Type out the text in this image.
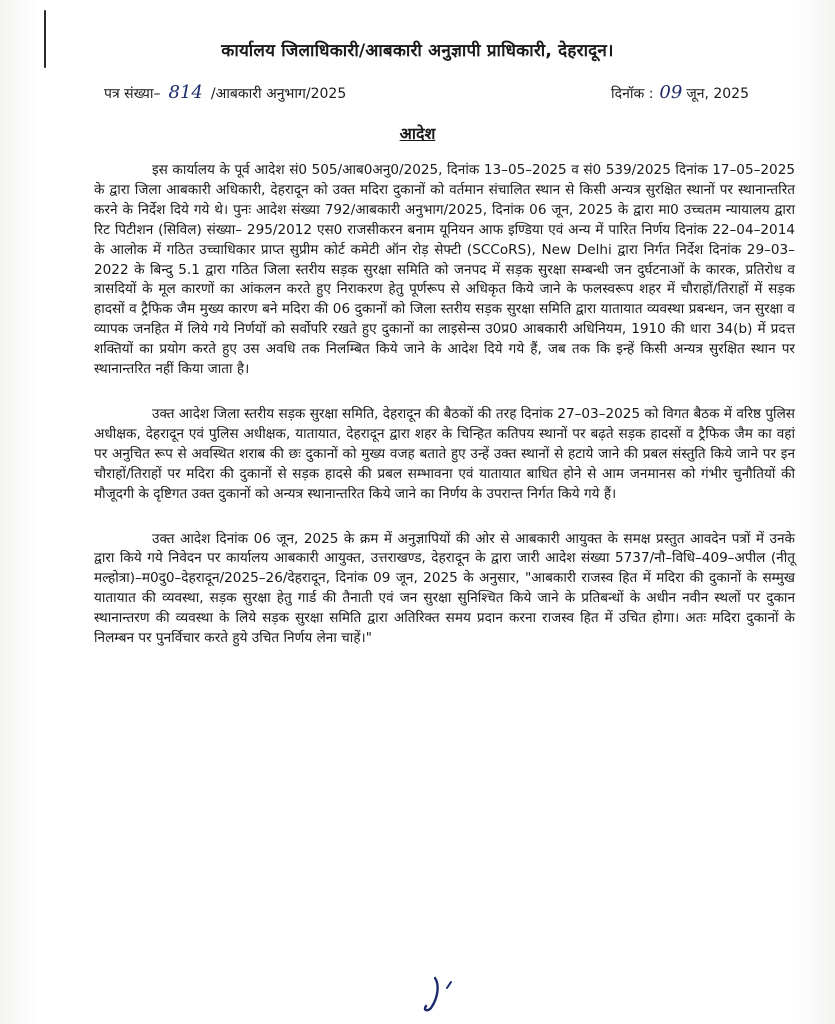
कार्यालय जिलाधिकारी/आबकारी अनुज्ञापी प्राधिकारी, देहरादून।
पत्र संख्या– 814 /आबकारी अनुभाग/2025	दिनॉक : 09 जून, 2025
आदेश

इस कार्यालय के पूर्व आदेश सं0 505/आब0अनु0/2025, दिनांक 13–05–2025 व सं0 539/2025 दिनांक 17–05–2025 के द्वारा जिला आबकारी अधिकारी, देहरादून को उक्त मदिरा दुकानों को वर्तमान संचालित स्थान से किसी अन्यत्र सुरक्षित स्थानों पर स्थानान्तरित करने के निर्देश दिये गये थे। पुनः आदेश संख्या 792/आबकारी अनुभाग/2025, दिनांक 06 जून, 2025 के द्वारा मा0 उच्चतम न्यायालय द्वारा रिट पिटीशन (सिविल) संख्या– 295/2012 एस0 राजसीकरन बनाम यूनियन आफ इण्डिया एवं अन्य में पारित निर्णय दिनांक 22–04–2014 के आलोक में गठित उच्चाधिकार प्राप्त सुप्रीम कोर्ट कमेटी ऑन रोड़ सेफ्टी (SCCoRS), New Delhi द्वारा निर्गत निर्देश दिनांक 29–03–2022 के बिन्दु 5.1 द्वारा गठित जिला स्तरीय सड़क सुरक्षा समिति को जनपद में सड़क सुरक्षा सम्बन्धी जन दुर्घटनाओं के कारक, प्रतिरोध व त्रासदियों के मूल कारणों का आंकलन करते हुए निराकरण हेतु पूर्णरूप से अधिकृत किये जाने के फलस्वरूप शहर में चौराहों/तिराहों में सड़क हादसों व ट्रैफिक जैम मुख्य कारण बने मदिरा की 06 दुकानों को जिला स्तरीय सड़क सुरक्षा समिति द्वारा यातायात व्यवस्था प्रबन्धन, जन सुरक्षा व व्यापक जनहित में लिये गये निर्णयों को सर्वोपरि रखते हुए दुकानों का लाइसेन्स उ0प्र0 आबकारी अधिनियम, 1910 की धारा 34(b) में प्रदत्त शक्तियों का प्रयोग करते हुए उस अवधि तक निलम्बित किये जाने के आदेश दिये गये हैं, जब तक कि इन्हें किसी अन्यत्र सुरक्षित स्थान पर स्थानान्तरित नहीं किया जाता है।

उक्त आदेश जिला स्तरीय सड़क सुरक्षा समिति, देहरादून की बैठकों की तरह दिनांक 27–03–2025 को विगत बैठक में वरिष्ठ पुलिस अधीक्षक, देहरादून एवं पुलिस अधीक्षक, यातायात, देहरादून द्वारा शहर के चिन्हित कतिपय स्थानों पर बढ़ते सड़क हादसों व ट्रैफिक जैम का वहां पर अनुचित रूप से अवस्थित शराब की छः दुकानों को मुख्य वजह बताते हुए उन्हें उक्त स्थानों से हटाये जाने की प्रबल संस्तुति किये जाने पर इन चौराहों/तिराहों पर मदिरा की दुकानों से सड़क हादसे की प्रबल सम्भावना एवं यातायात बाधित होने से आम जनमानस को गंभीर चुनौतियों की मौजूदगी के दृष्टिगत उक्त दुकानों को अन्यत्र स्थानान्तरित किये जाने का निर्णय के उपरान्त निर्गत किये गये हैं।

उक्त आदेश दिनांक 06 जून, 2025 के क्रम में अनुज्ञापियों की ओर से आबकारी आयुक्त के समक्ष प्रस्तुत आवदेन पत्रों में उनके द्वारा किये गये निवेदन पर कार्यालय आबकारी आयुक्त, उत्तराखण्ड, देहरादून के द्वारा जारी आदेश संख्या 5737/नौ–विधि–409–अपील (नीतू मल्होत्रा)–म0दु0–देहरादून/2025–26/देहरादून, दिनांक 09 जून, 2025 के अनुसार, "आबकारी राजस्व हित में मदिरा की दुकानों के सम्मुख यातायात की व्यवस्था, सड़क सुरक्षा हेतु गार्ड की तैनाती एवं जन सुरक्षा सुनिश्चित किये जाने के प्रतिबन्धों के अधीन नवीन स्थलों पर दुकान स्थानान्तरण की व्यवस्था के लिये सड़क सुरक्षा समिति द्वारा अतिरिक्त समय प्रदान करना राजस्व हित में उचित होगा। अतः मदिरा दुकानों के निलम्बन पर पुनर्विचार करते हुये उचित निर्णय लेना चाहें।"
